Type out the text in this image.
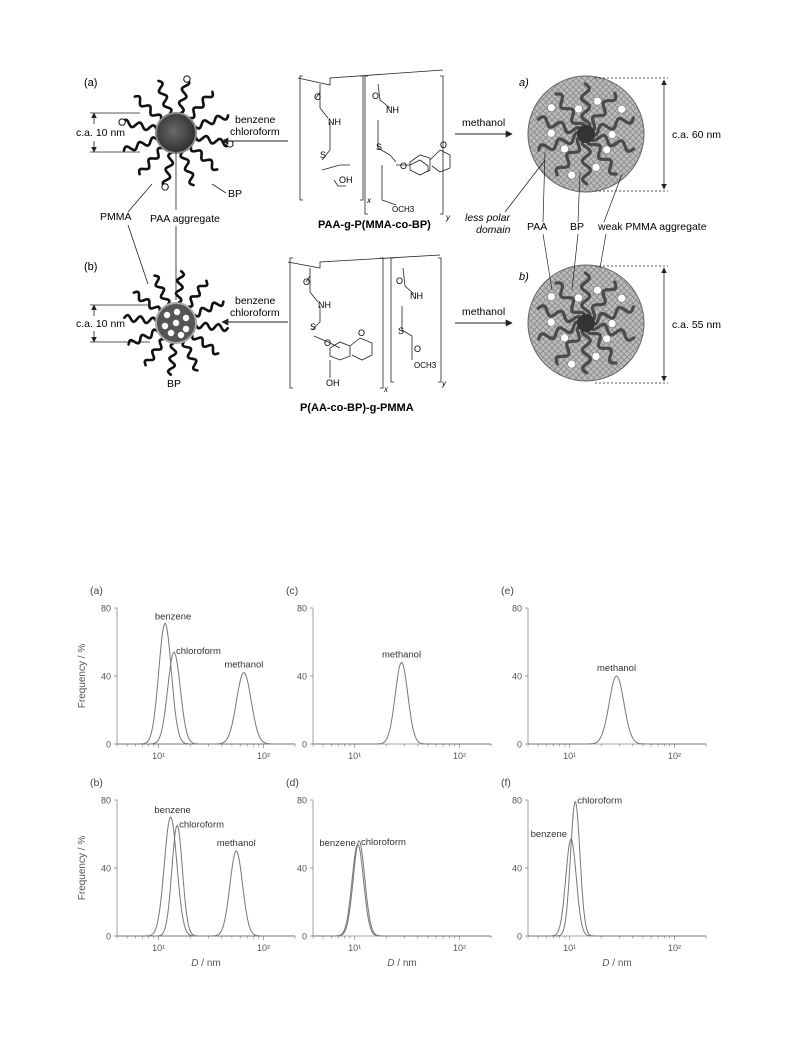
(a)
(b)
c.a. 10 nm
c.a. 10 nm
BP
PMMA PAA aggregate
BP
benzene
chloroform
benzene
chloroform
NH
NH
S
S
O	O
O
O
OH
OCH3
x
y
PAA-g-P(MMA-co-BP)
NH
NH
S	S
O	O
O
O
O
OH
OCH3
x
y
P(AA-co-BP)-g-PMMA
methanol
methanol
a)
b)
c.a. 60 nm
c.a. 55 nm
less polar
domain PAA BP weak PMMA aggregate
(a)
0
40
80
10¹	10²
Frequency / %
benzene
chloroform
methanol
(c)
0
40
80
10¹	10²
methanol
(e)
0
40
80
10¹	10²
methanol
(b)
0
40
80
10¹	10²
Frequency / %
D / nm
benzene
chloroform
methanol
(d)
0
40
80
10¹	10²
D / nm
benzene chloroform
(f)
0
40
80
10¹	10²
D / nm
benzene
chloroform
